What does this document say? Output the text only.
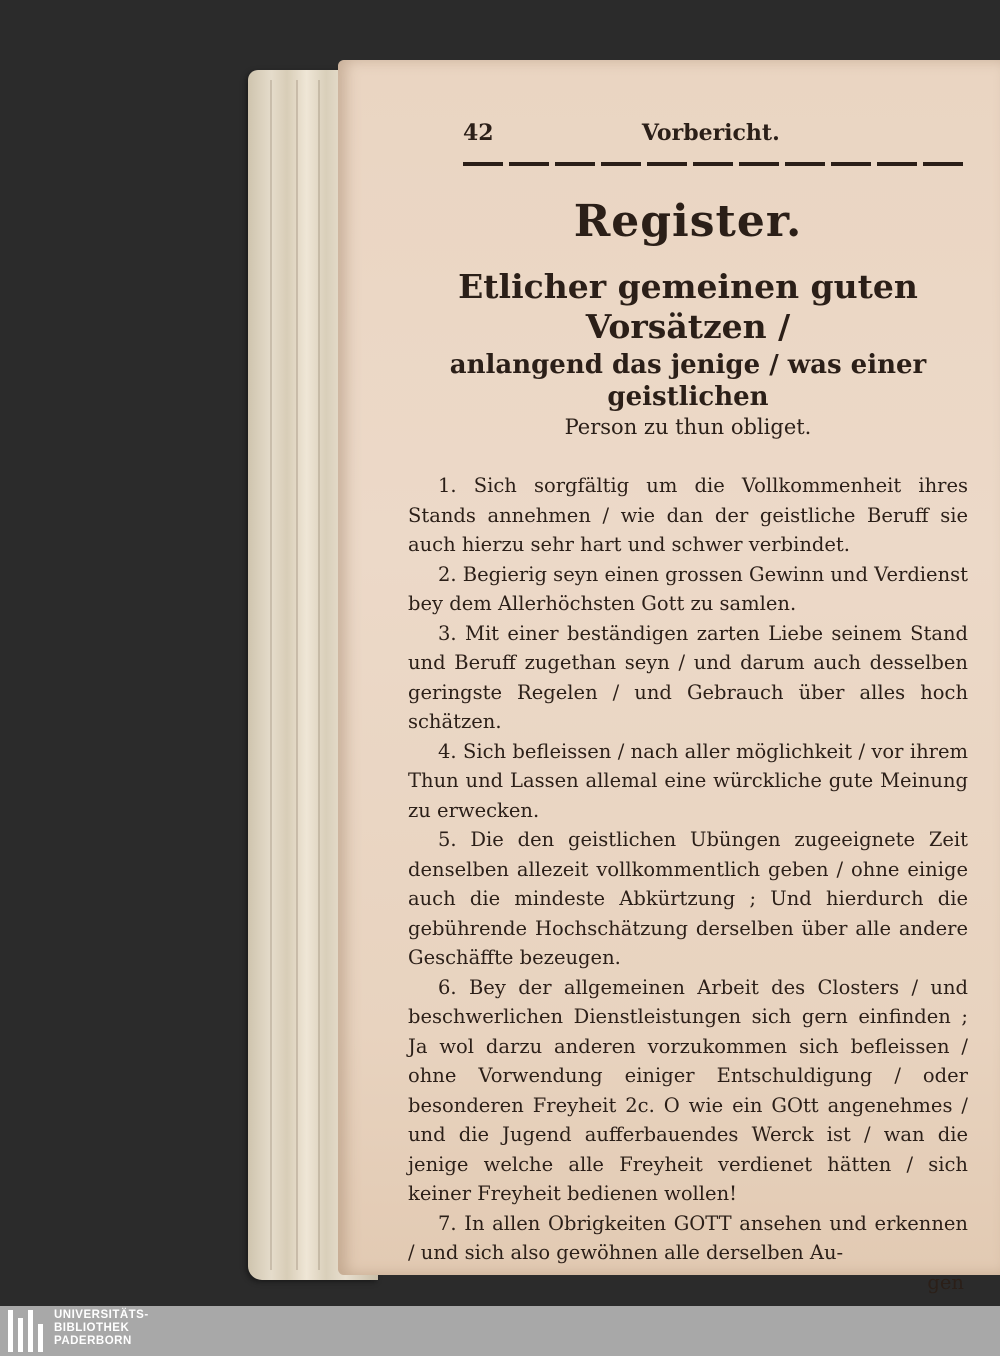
42	Vorbericht.
Register.
Etlicher gemeinen guten Vorsätzen /
anlangend das jenige / was einer geistlichen
Person zu thun obliget.

1. Sich sorgfältig um die Vollkommenheit ihres Stands annehmen / wie dan der geistliche Beruff sie auch hierzu sehr hart und schwer verbindet.

2. Begierig seyn einen grossen Gewinn und Verdienst bey dem Allerhöchsten Gott zu samlen.

3. Mit einer beständigen zarten Liebe seinem Stand und Beruff zugethan seyn / und darum auch desselben geringste Regelen / und Gebrauch über alles hoch schätzen.

4. Sich befleissen / nach aller möglichkeit / vor ihrem Thun und Lassen allemal eine würckliche gute Meinung zu erwecken.

5. Die den geistlichen Ubüngen zugeeignete Zeit denselben allezeit vollkommentlich geben / ohne einige auch die mindeste Abkürtzung ; Und hierdurch die gebührende Hochschätzung derselben über alle andere Geschäffte bezeugen.

6. Bey der allgemeinen Arbeit des Closters / und beschwerlichen Dienstleistungen sich gern einfinden ; Ja wol darzu anderen vorzukommen sich befleissen / ohne Vorwendung einiger Entschuldigung / oder besonderen Freyheit 2c. O wie ein GOtt angenehmes / und die Jugend aufferbauendes Werck ist / wan die jenige welche alle Freyheit verdienet hätten / sich keiner Freyheit bedienen wollen!

7. In allen Obrigkeiten GOTT ansehen und erkennen / und sich also gewöhnen alle derselben Au-

gen
UNIVERSITÄTS-
BIBLIOTHEK
PADERBORN
